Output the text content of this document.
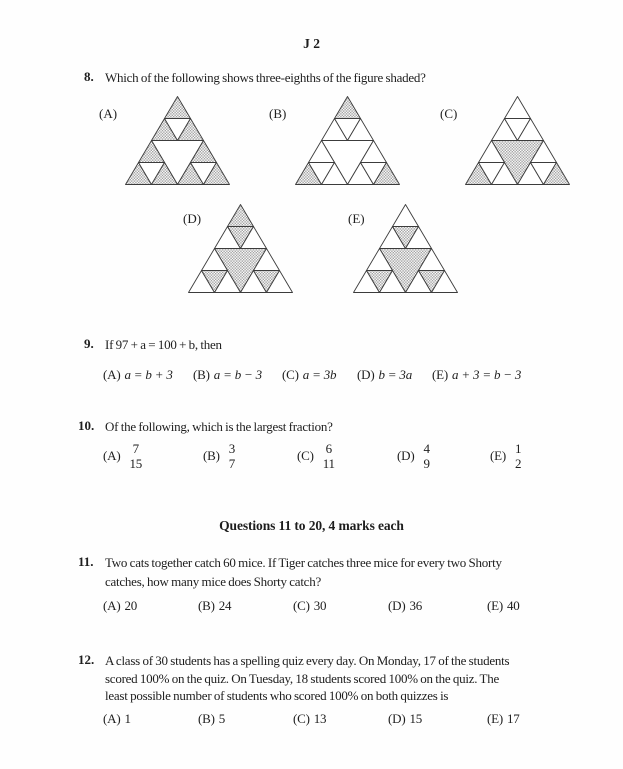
J 2
8. Which of the following shows three-eighths of the figure shaded?
(A)	(B)	(C)
(D)	(E)
9. If 97 + a = 100 + b, then
(A) a = b + 3 (B) a = b − 3 (C) a = 3b (D) b = 3a (E) a + 3 = b − 3
10. Of the following, which is the largest fraction?
(A) 7
15
(B) 3
7
(C) 6
11
(D) 4
9
(E) 1
2
Questions 11 to 20, 4 marks each
11. Two cats together catch 60 mice. If Tiger catches three mice for every two Shorty
catches, how many mice does Shorty catch?
(A) 20	(B) 24	(C) 30	(D) 36	(E) 40
12. A class of 30 students has a spelling quiz every day. On Monday, 17 of the students
scored 100% on the quiz. On Tuesday, 18 students scored 100% on the quiz. The
least possible number of students who scored 100% on both quizzes is
(A) 1	(B) 5	(C) 13	(D) 15	(E) 17
